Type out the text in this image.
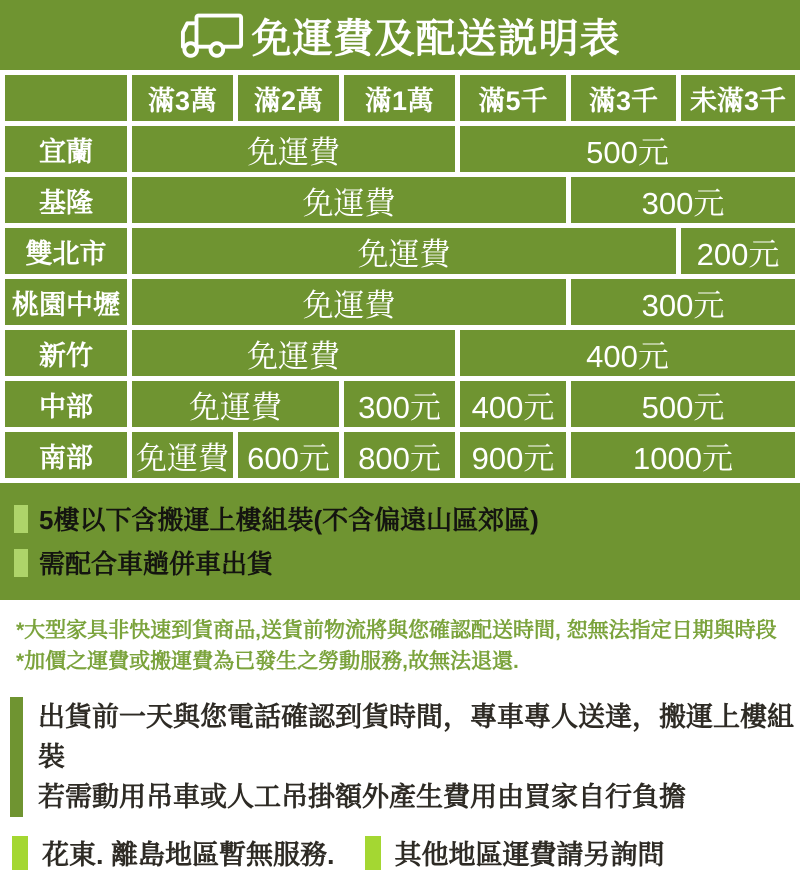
免運費及配送説明表
	滿3萬	滿2萬	滿1萬	滿5千	滿3千	未滿3千
宜蘭	免運費			500元		
基隆	免運費				300元	
雙北市	免運費					200元
桃園中壢	免運費				300元	
新竹	免運費			400元		
中部	免運費		300元	400元	500元	
南部	免運費	600元	800元	900元	1000元	
5樓以下含搬運上樓組裝(不含偏遠山區郊區)
需配合車趟併車出貨
*大型家具非快速到貨商品,送貨前物流將與您確認配送時間, 恕無法指定日期與時段
*加價之運費或搬運費為已發生之勞動服務,故無法退還.
出貨前一天與您電話確認到貨時間，專車專人送達，搬運上樓組裝
若需動用吊車或人工吊掛額外產生費用由買家自行負擔
花東. 離島地區暫無服務. 其他地區運費請另詢問
